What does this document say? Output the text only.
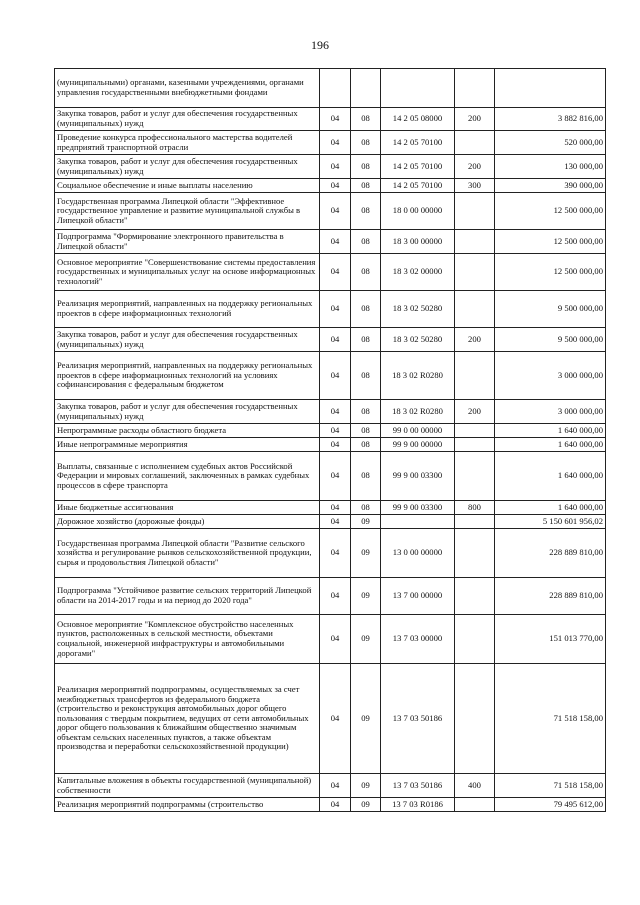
196
(муниципальными) органами, казенными учреждениями, органами управления государственными внебюджетными фондами					
Закупка товаров, работ и услуг для обеспечения государственных (муниципальных) нужд	04	08	14 2 05 08000	200	3 882 816,00
Проведение конкурса профессионального мастерства водителей предприятий транспортной отрасли	04	08	14 2 05 70100		520 000,00
Закупка товаров, работ и услуг для обеспечения государственных (муниципальных) нужд	04	08	14 2 05 70100	200	130 000,00
Социальное обеспечение и иные выплаты населению	04	08	14 2 05 70100	300	390 000,00
Государственная программа Липецкой области "Эффективное государственное управление и развитие муниципальной службы в Липецкой области"	04	08	18 0 00 00000		12 500 000,00
Подпрограмма "Формирование электронного правительства в Липецкой области"	04	08	18 3 00 00000		12 500 000,00
Основное мероприятие "Совершенствование системы предоставления государственных и муниципальных услуг на основе информационных технологий"	04	08	18 3 02 00000		12 500 000,00
Реализация мероприятий, направленных на поддержку региональных проектов в сфере информационных технологий	04	08	18 3 02 50280		9 500 000,00
Закупка товаров, работ и услуг для обеспечения государственных (муниципальных) нужд	04	08	18 3 02 50280	200	9 500 000,00
Реализация мероприятий, направленных на поддержку региональных проектов в сфере информационных технологий на условиях софинансирования с федеральным бюджетом	04	08	18 3 02 R0280		3 000 000,00
Закупка товаров, работ и услуг для обеспечения государственных (муниципальных) нужд	04	08	18 3 02 R0280	200	3 000 000,00
Непрограммные расходы областного бюджета	04	08	99 0 00 00000		1 640 000,00
Иные непрограммные мероприятия	04	08	99 9 00 00000		1 640 000,00
Выплаты, связанные с исполнением судебных актов Российской Федерации и мировых соглашений, заключенных в рамках судебных процессов в сфере транспорта	04	08	99 9 00 03300		1 640 000,00
Иные бюджетные ассигнования	04	08	99 9 00 03300	800	1 640 000,00
Дорожное хозяйство (дорожные фонды)	04	09			5 150 601 956,02
Государственная программа Липецкой области "Развитие сельского хозяйства и регулирование рынков сельскохозяйственной продукции, сырья и продовольствия Липецкой области"	04	09	13 0 00 00000		228 889 810,00
Подпрограмма "Устойчивое развитие сельских территорий Липецкой области на 2014-2017 годы и на период до 2020 года"	04	09	13 7 00 00000		228 889 810,00
Основное мероприятие "Комплексное обустройство населенных пунктов, расположенных в сельской местности, объектами социальной, инженерной инфраструктуры и автомобильными дорогами"	04	09	13 7 03 00000		151 013 770,00
Реализация мероприятий подпрограммы, осуществляемых за счет межбюджетных трансфертов из федерального бюджета (строительство и реконструкция автомобильных дорог общего пользования с твердым покрытием, ведущих от сети автомобильных дорог общего пользования к ближайшим общественно значимым объектам сельских населенных пунктов, а также объектам производства и переработки сельскохозяйственной продукции)	04	09	13 7 03 50186		71 518 158,00
Капитальные вложения в объекты государственной (муниципальной) собственности	04	09	13 7 03 50186	400	71 518 158,00
Реализация мероприятий подпрограммы (строительство	04	09	13 7 03 R0186		79 495 612,00
